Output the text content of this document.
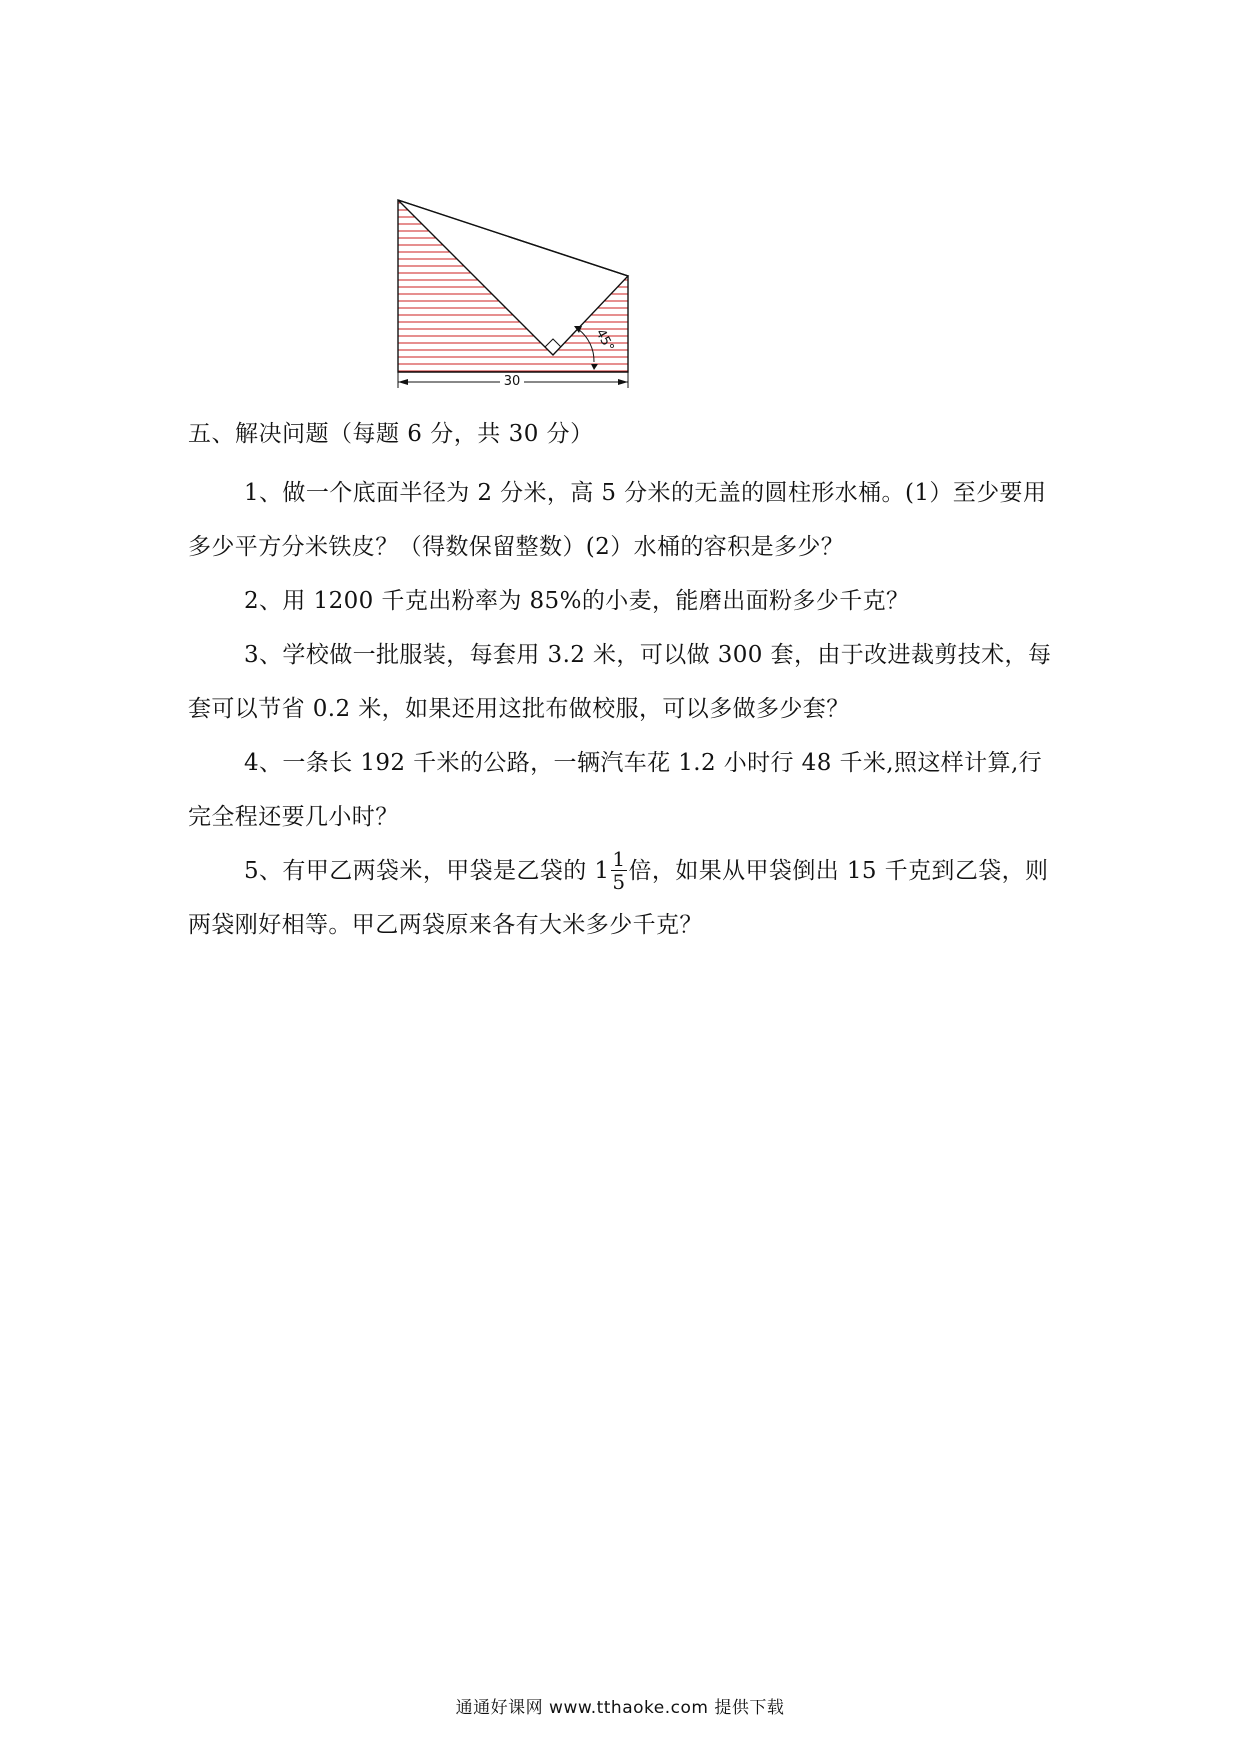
45°
30
五、解决问题（每题 6 分，共 30 分）

1、做一个底面半径为 2 分米，高 5 分米的无盖的圆柱形水桶。(1）至少要用多少平方分米铁皮？（得数保留整数）(2）水桶的容积是多少？

2、用 1200 千克出粉率为 85%的小麦，能磨出面粉多少千克？

3、学校做一批服装，每套用 3.2 米，可以做 300 套，由于改进裁剪技术，每套可以节省 0.2 米，如果还用这批布做校服，可以多做多少套？

4、一条长 192 千米的公路，一辆汽车花 1.2 小时行 48 千米,照这样计算,行完全程还要几小时？

5、有甲乙两袋米，甲袋是乙袋的 $1 \frac{1}{5}$ 倍，如果从甲袋倒出 15 千克到乙袋，则两袋刚好相等。甲乙两袋原来各有大米多少千克？

通通好课网 www.tthaoke.com 提供下载
